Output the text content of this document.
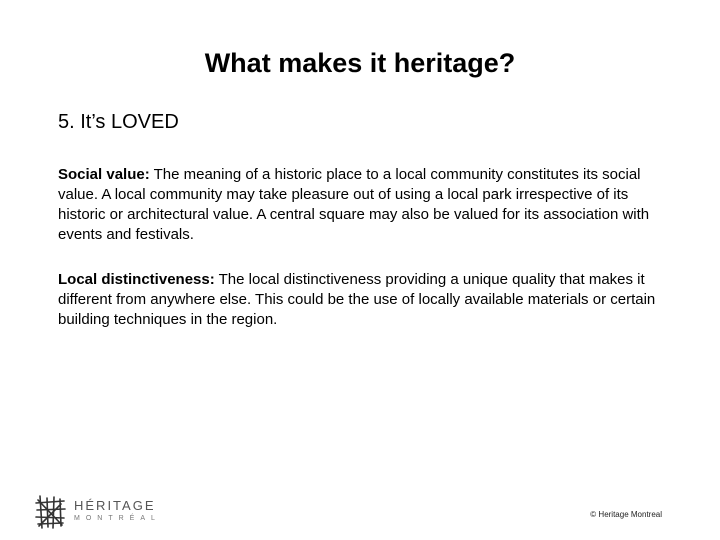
What makes it heritage?
5. It’s LOVED
Social value: The meaning of a historic place to a local community constitutes its social value. A local community may take pleasure out of using a local park irrespective of its historic or architectural value. A central square may also be valued for its association with events and festivals.
Local distinctiveness: The local distinctiveness providing a unique quality that makes it different from anywhere else. This could be the use of locally available materials or certain building techniques in the region.
HÉRITAGE
MONTRÉAL	© Heritage Montreal
